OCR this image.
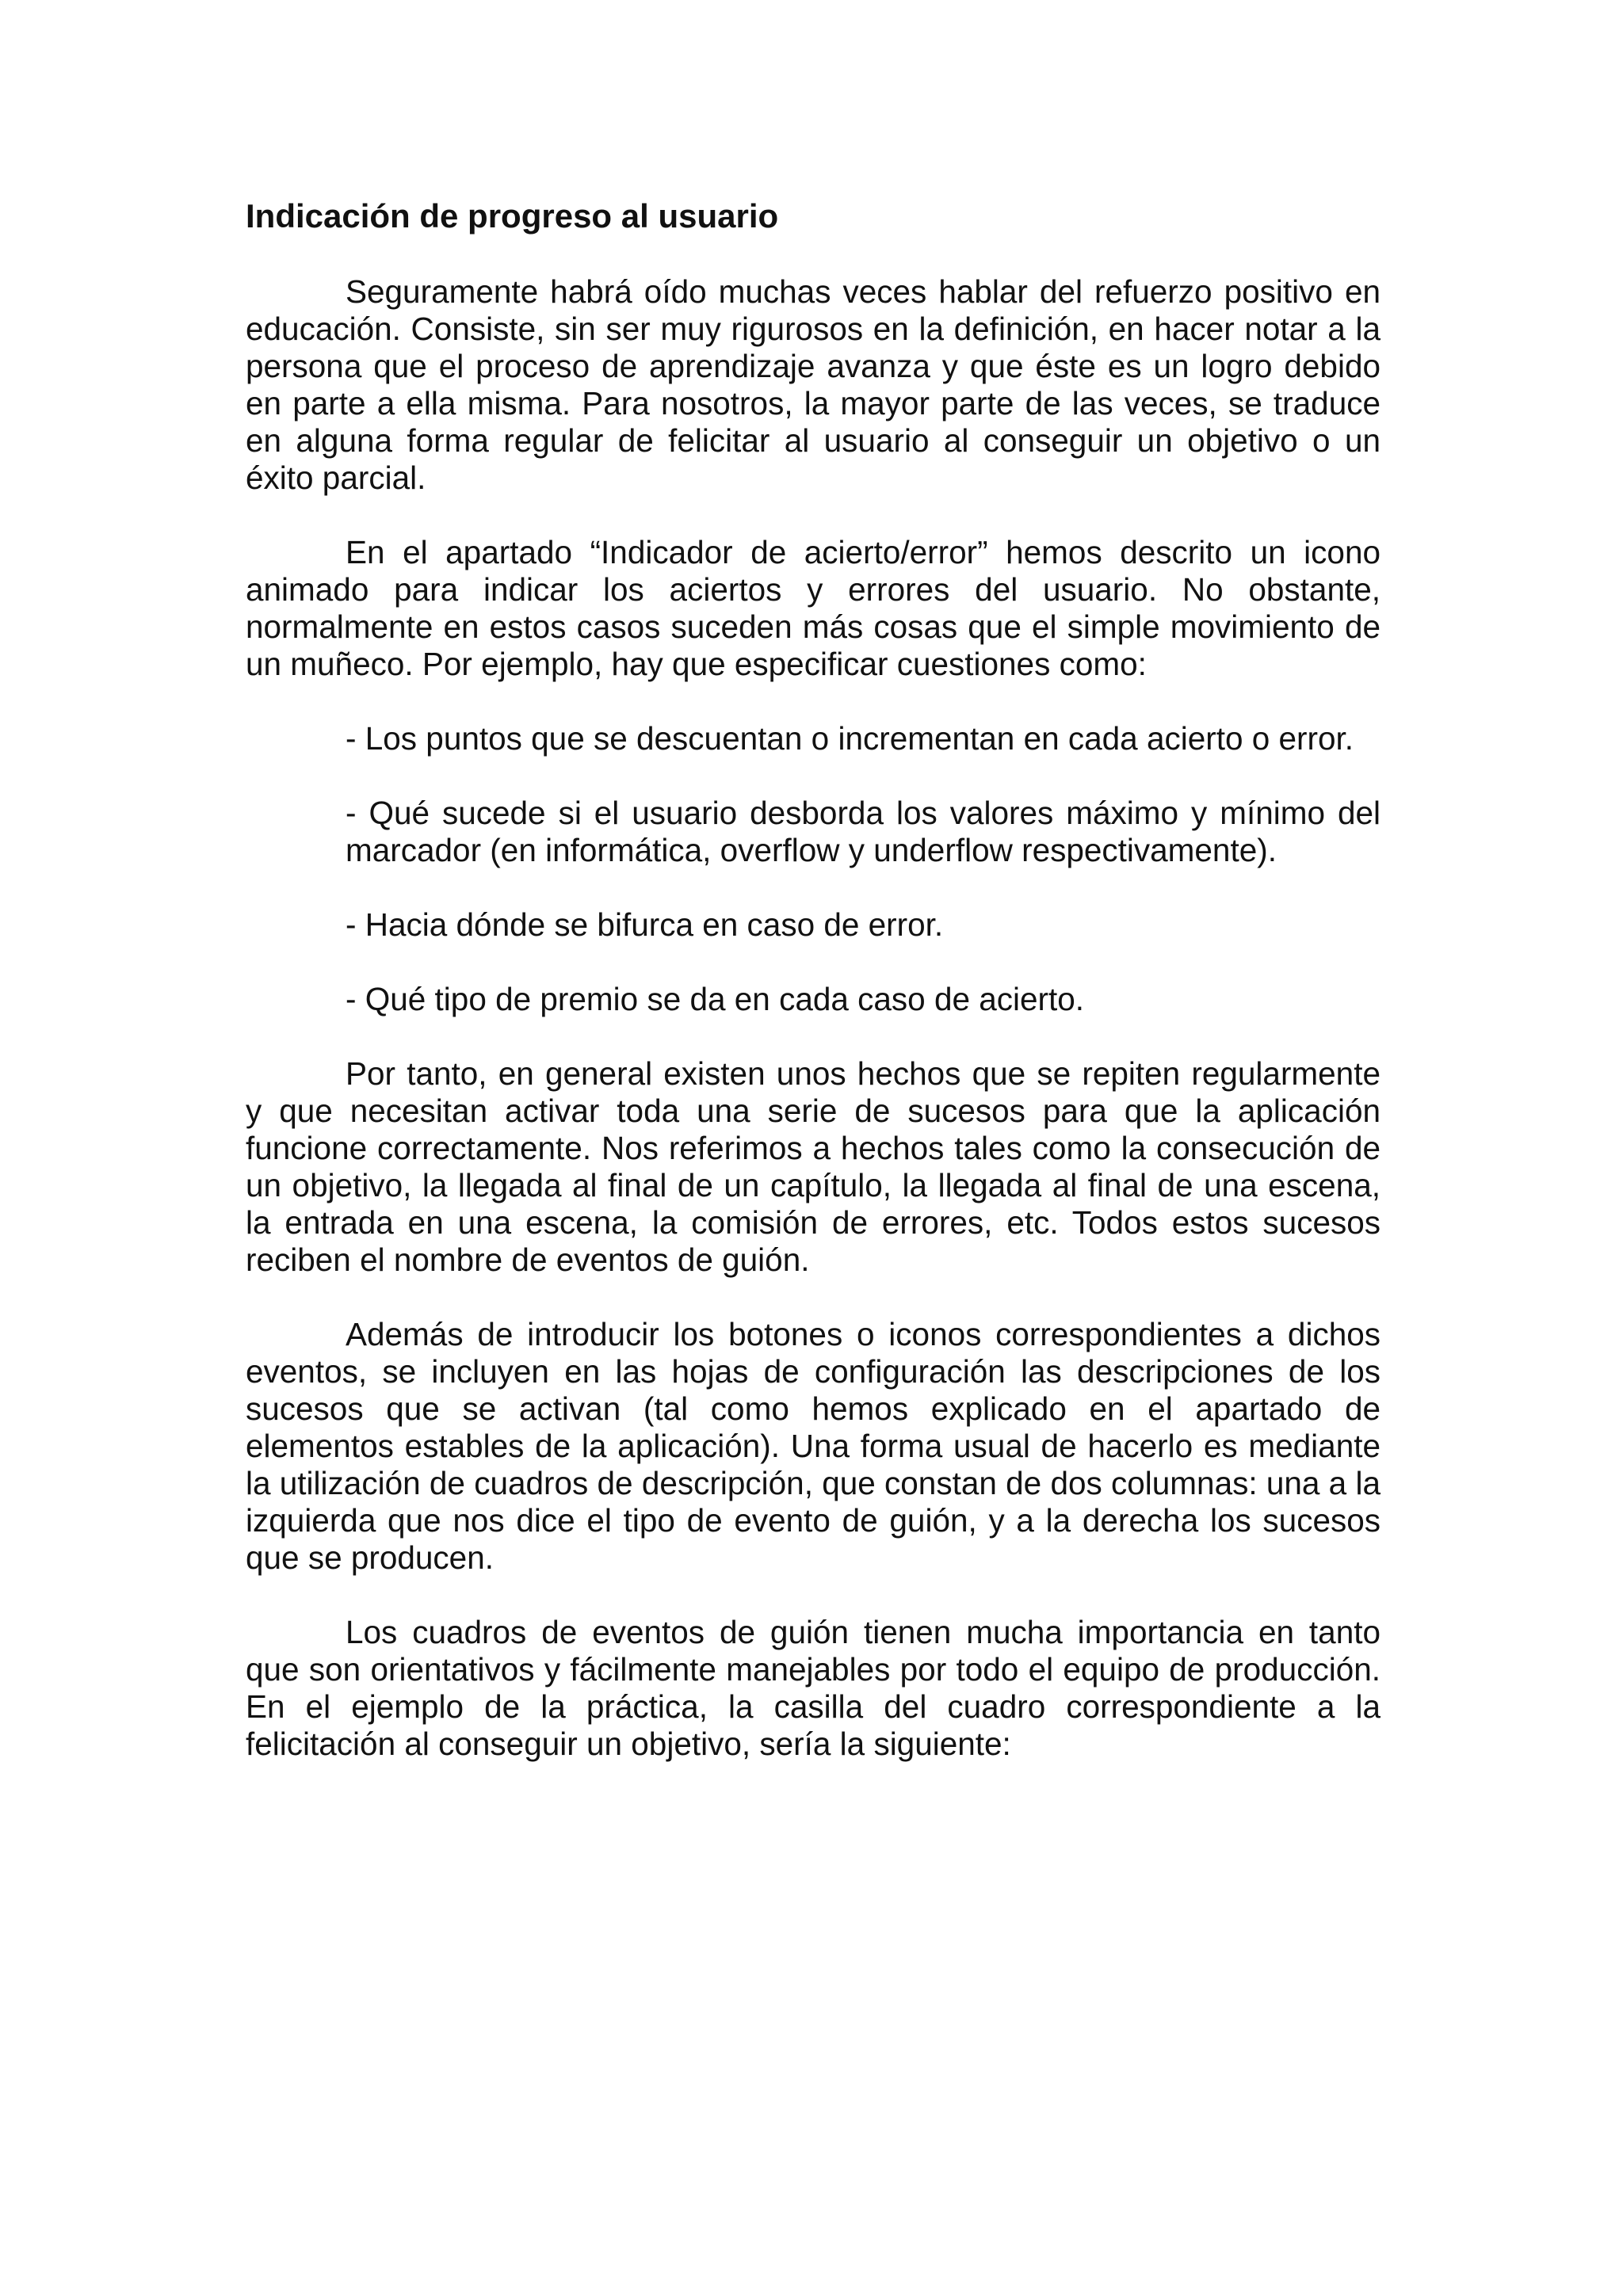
Indicación de progreso al usuario

Seguramente habrá oído muchas veces hablar del refuerzo positivo en educación. Consiste, sin ser muy rigurosos en la definición, en hacer notar a la persona que el proceso de aprendizaje avanza y que éste es un logro debido en parte a ella misma. Para nosotros, la mayor parte de las veces, se traduce en alguna forma regular de felicitar al usuario al conseguir un objetivo o un éxito parcial.

En el apartado “Indicador de acierto/error” hemos descrito un icono animado para indicar los aciertos y errores del usuario. No obstante, normalmente en estos casos suceden más cosas que el simple movimiento de un muñeco. Por ejemplo, hay que especificar cuestiones como:

- Los puntos que se descuentan o incrementan en cada acierto o error.

- Qué sucede si el usuario desborda los valores máximo y mínimo del marcador (en informática, overflow y underflow respectivamente).

- Hacia dónde se bifurca en caso de error.

- Qué tipo de premio se da en cada caso de acierto.

Por tanto, en general existen unos hechos que se repiten regularmente y que necesitan activar toda una serie de sucesos para que la aplicación funcione correctamente. Nos referimos a hechos tales como la consecución de un objetivo, la llegada al final de un capítulo, la llegada al final de una escena, la entrada en una escena, la comisión de errores, etc. Todos estos sucesos reciben el nombre de eventos de guión.

Además de introducir los botones o iconos correspondientes a dichos eventos, se incluyen en las hojas de configuración las descripciones de los sucesos que se activan (tal como hemos explicado en el apartado de elementos estables de la aplicación). Una forma usual de hacerlo es mediante la utilización de cuadros de descripción, que constan de dos columnas: una a la izquierda que nos dice el tipo de evento de guión, y a la derecha los sucesos que se producen.

Los cuadros de eventos de guión tienen mucha importancia en tanto que son orientativos y fácilmente manejables por todo el equipo de producción. En el ejemplo de la práctica, la casilla del cuadro correspondiente a la felicitación al conseguir un objetivo, sería la siguiente:
